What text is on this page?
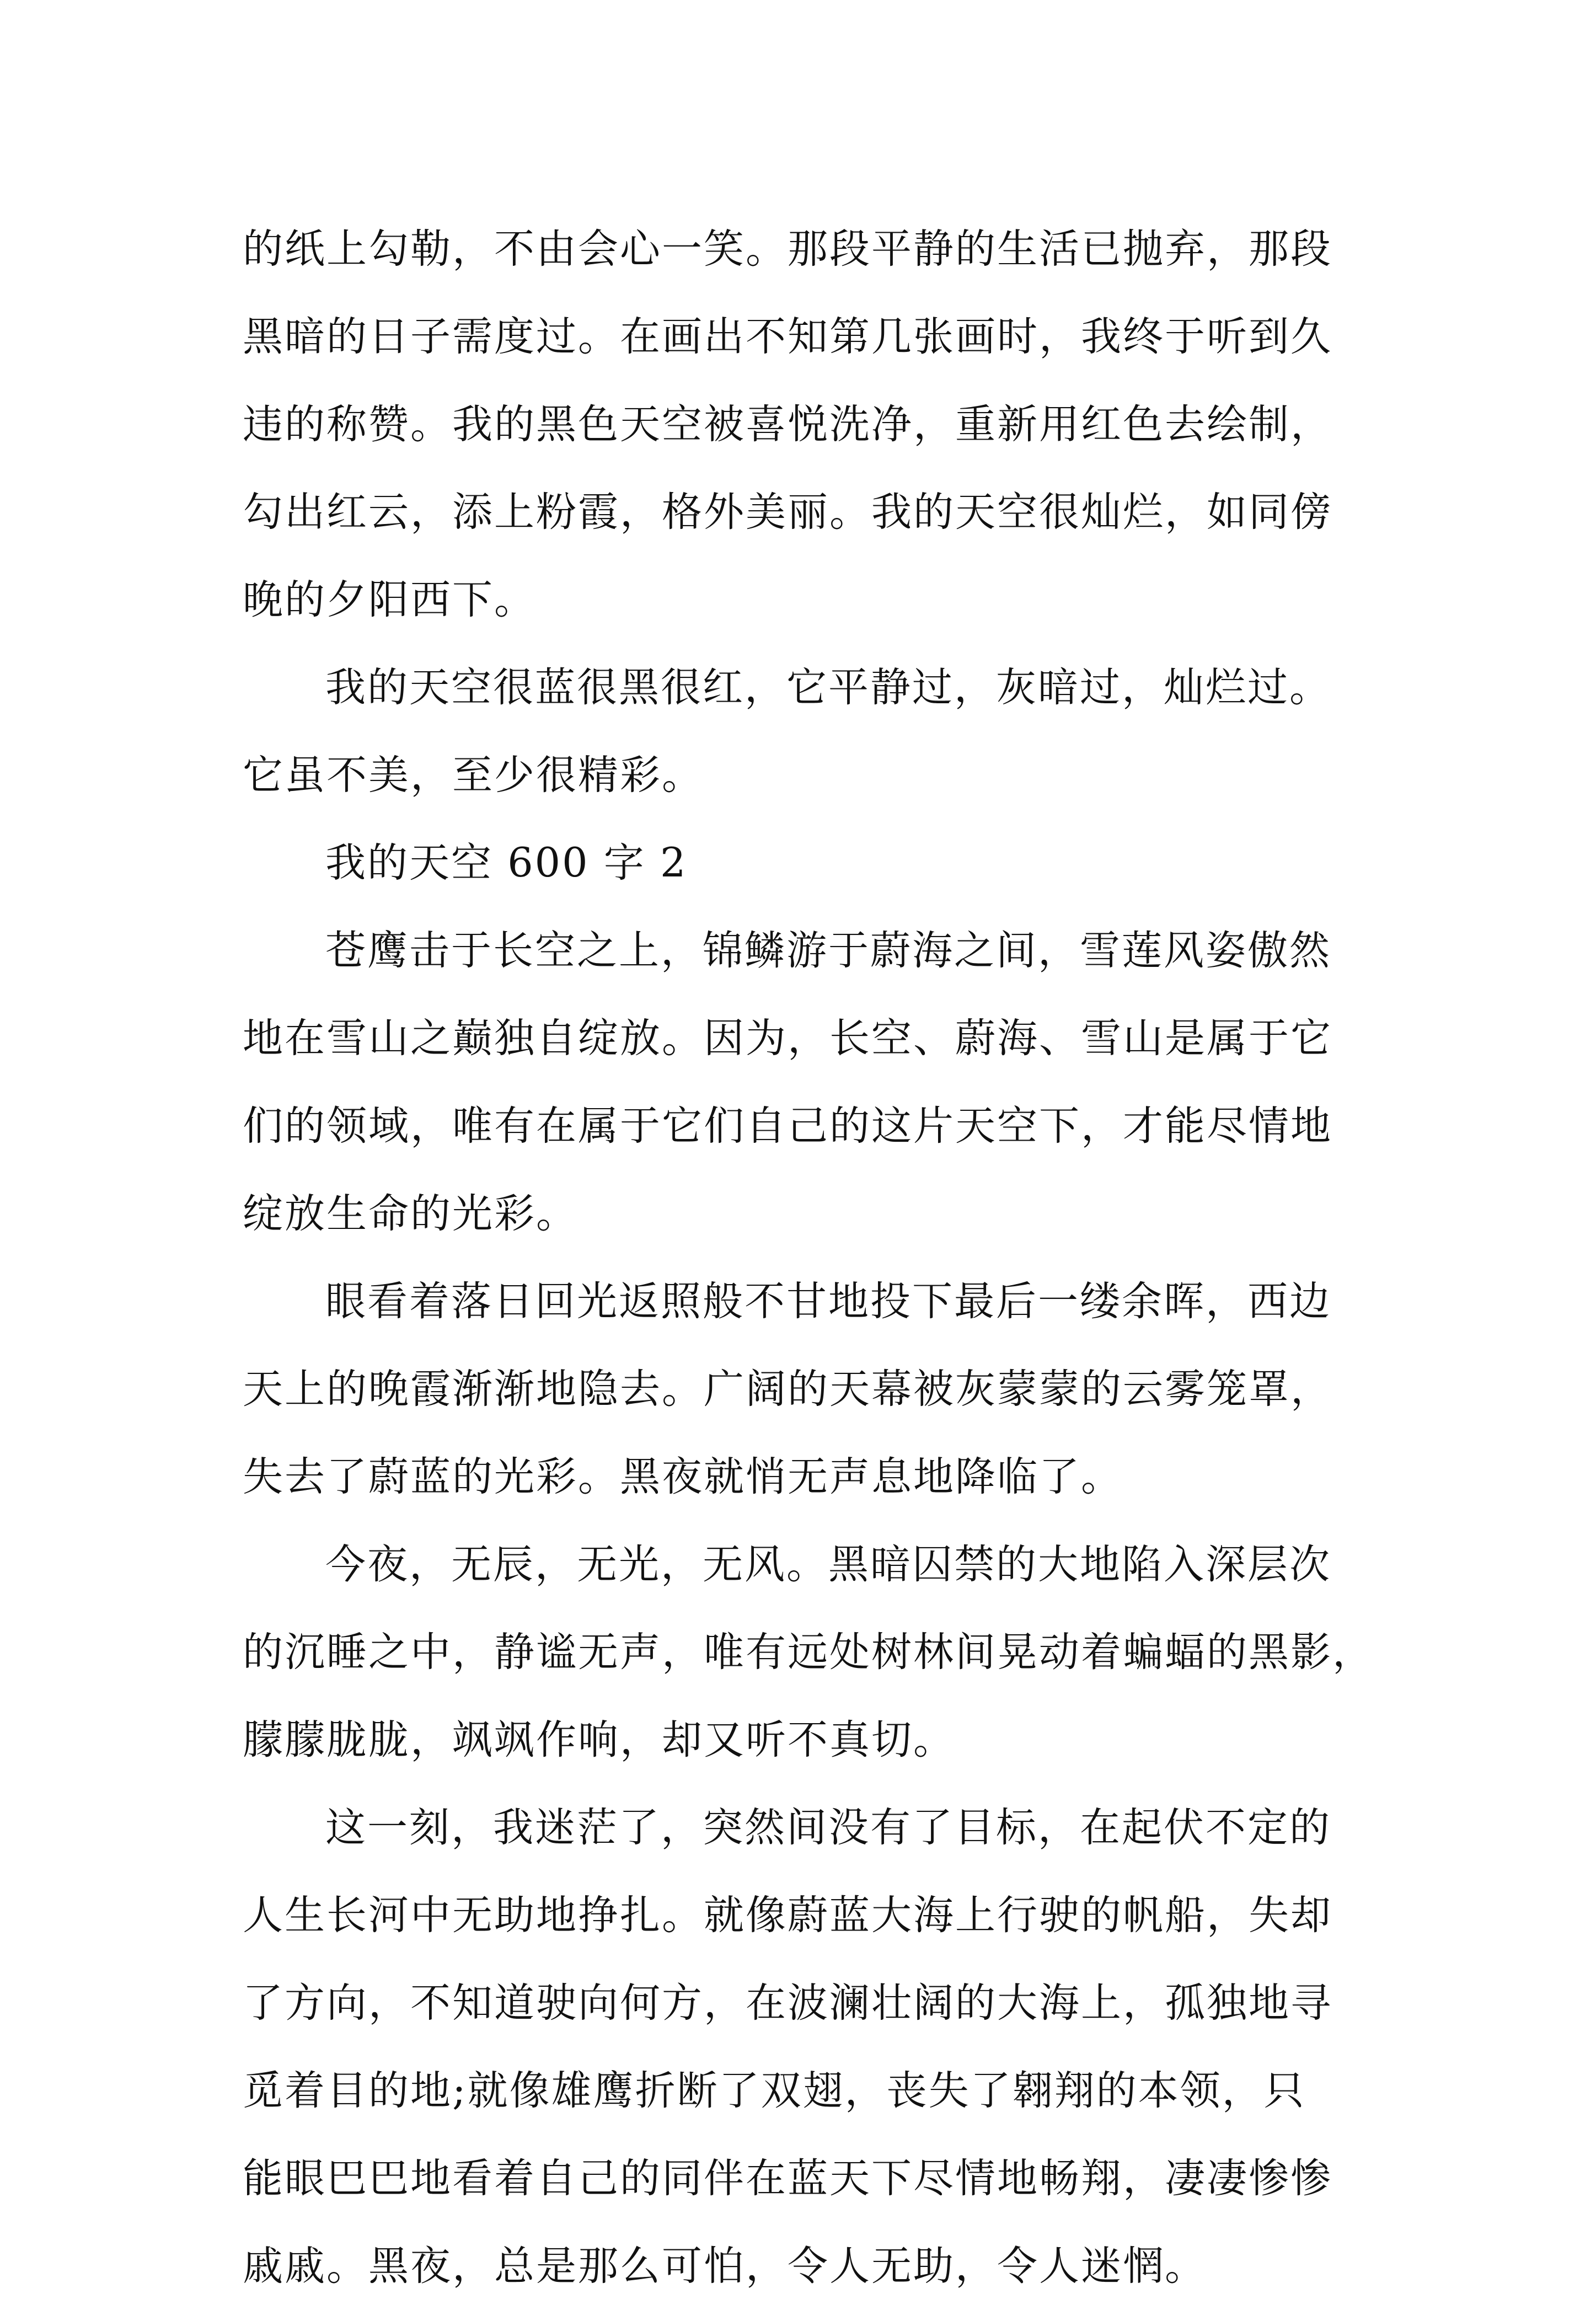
的纸上勾勒，不由会心一笑。那段平静的生活已抛弃，那段
黑暗的日子需度过。在画出不知第几张画时，我终于听到久
违的称赞。我的黑色天空被喜悦洗净，重新用红色去绘制，
勾出红云，添上粉霞，格外美丽。我的天空很灿烂，如同傍
晚的夕阳西下。
我的天空很蓝很黑很红，它平静过，灰暗过，灿烂过。
它虽不美，至少很精彩。
我的天空 600 字 2
苍鹰击于长空之上，锦鳞游于蔚海之间，雪莲风姿傲然
地在雪山之巅独自绽放。因为，长空、蔚海、雪山是属于它
们的领域，唯有在属于它们自己的这片天空下，才能尽情地
绽放生命的光彩。
眼看着落日回光返照般不甘地投下最后一缕余晖，西边
天上的晚霞渐渐地隐去。广阔的天幕被灰蒙蒙的云雾笼罩，
失去了蔚蓝的光彩。黑夜就悄无声息地降临了。
今夜，无辰，无光，无风。黑暗囚禁的大地陷入深层次
的沉睡之中，静谧无声，唯有远处树林间晃动着蝙蝠的黑影，
朦朦胧胧，飒飒作响，却又听不真切。
这一刻，我迷茫了，突然间没有了目标，在起伏不定的
人生长河中无助地挣扎。就像蔚蓝大海上行驶的帆船，失却
了方向，不知道驶向何方，在波澜壮阔的大海上，孤独地寻
觅着目的地;就像雄鹰折断了双翅，丧失了翱翔的本领，只
能眼巴巴地看着自己的同伴在蓝天下尽情地畅翔，凄凄惨惨
戚戚。黑夜，总是那么可怕，令人无助，令人迷惘。
